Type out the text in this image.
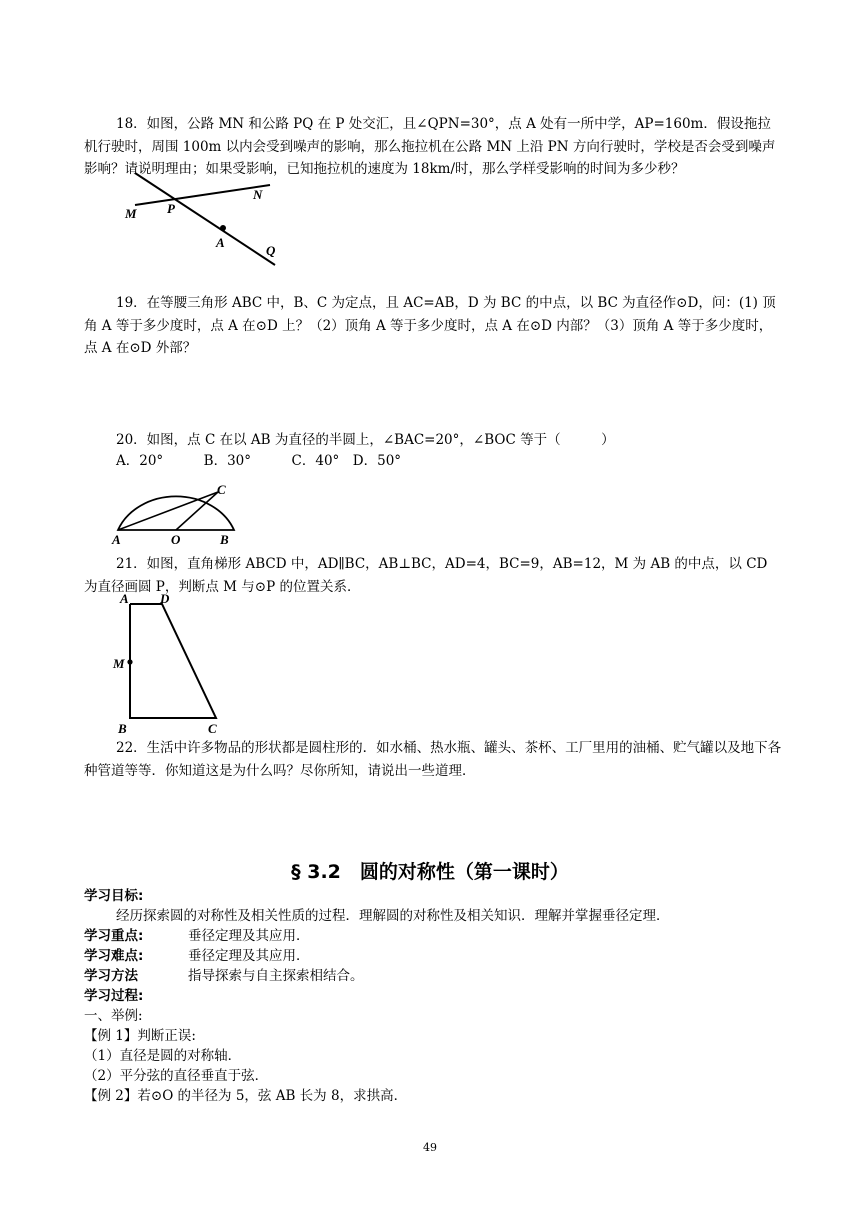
18．如图，公路 MN 和公路 PQ 在 P 处交汇，且∠QPN=30°，点 A 处有一所中学，AP=160m．假设拖拉机行驶时，周围 100m 以内会受到噪声的影响，那么拖拉机在公路 MN 上沿 PN 方向行驶时，学校是否会受到噪声影响？请说明理由；如果受影响，已知拖拉机的速度为 18km/时，那么学样受影响的时间为多少秒？
M P
N
A
Q
19．在等腰三角形 ABC 中，B、C 为定点，且 AC=AB，D 为 BC 的中点，以 BC 为直径作⊙D，问：(1) 顶角 A 等于多少度时，点 A 在⊙D 上？（2）顶角 A 等于多少度时，点 A 在⊙D 内部？（3）顶角 A 等于多少度时，点 A 在⊙D 外部？
20．如图，点 C 在以 AB 为直径的半圆上，∠BAC=20°，∠BOC 等于（　　　）
A．20°　　　B．30°　　　C．40°　D．50°
A	O	B
C
21．如图，直角梯形 ABCD 中，AD∥BC，AB⊥BC，AD=4，BC=9，AB=12，M 为 AB 的中点，以 CD 为直径画圆 P，判断点 M 与⊙P 的位置关系．
A D
M
B	C
22．生活中许多物品的形状都是圆柱形的．如水桶、热水瓶、罐头、茶杯、工厂里用的油桶、贮气罐以及地下各种管道等等．你知道这是为什么吗？尽你所知，请说出一些道理．
§ 3.2　圆的对称性（第一课时）
学习目标:
经历探索圆的对称性及相关性质的过程．理解圆的对称性及相关知识．理解并掌握垂径定理．
学习重点:	垂径定理及其应用．
学习难点:	垂径定理及其应用．
学习方法	指导探索与自主探索相结合。
学习过程:
一、举例:
【例 1】判断正误:
（1）直径是圆的对称轴．
（2）平分弦的直径垂直于弦．
【例 2】若⊙O 的半径为 5，弦 AB 长为 8，求拱高．
49
